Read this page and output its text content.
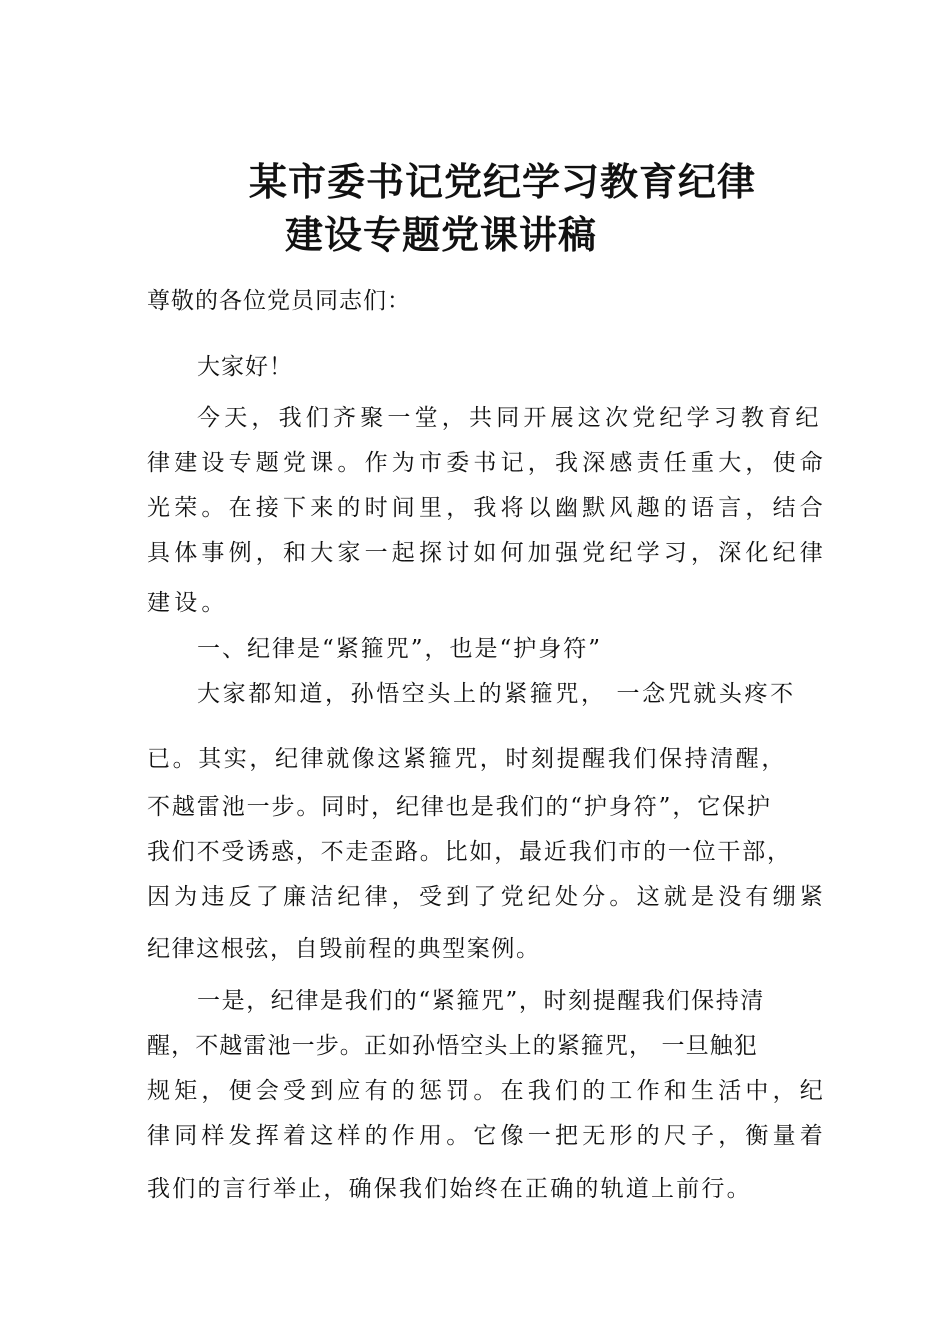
某市委书记党纪学习教育纪律
建设专题党课讲稿
尊敬的各位党员同志们：
大家好！
今天，我们齐聚一堂，共同开展这次党纪学习教育纪
律建设专题党课。作为市委书记，我深感责任重大，使命
光荣。在接下来的时间里，我将以幽默风趣的语言，结合
具体事例，和大家一起探讨如何加强党纪学习，深化纪律
建设。
一、纪律是“紧箍咒”，也是“护身符”
大家都知道，孙悟空头上的紧箍咒， 一念咒就头疼不
已。其实，纪律就像这紧箍咒，时刻提醒我们保持清醒，
不越雷池一步。同时，纪律也是我们的“护身符”，它保护
我们不受诱惑，不走歪路。比如，最近我们市的一位干部，
因为违反了廉洁纪律，受到了党纪处分。这就是没有绷紧
纪律这根弦，自毁前程的典型案例。
一是，纪律是我们的“紧箍咒”，时刻提醒我们保持清
醒，不越雷池一步。正如孙悟空头上的紧箍咒， 一旦触犯
规矩，便会受到应有的惩罚。在我们的工作和生活中，纪
律同样发挥着这样的作用。它像一把无形的尺子，衡量着
我们的言行举止，确保我们始终在正确的轨道上前行。
